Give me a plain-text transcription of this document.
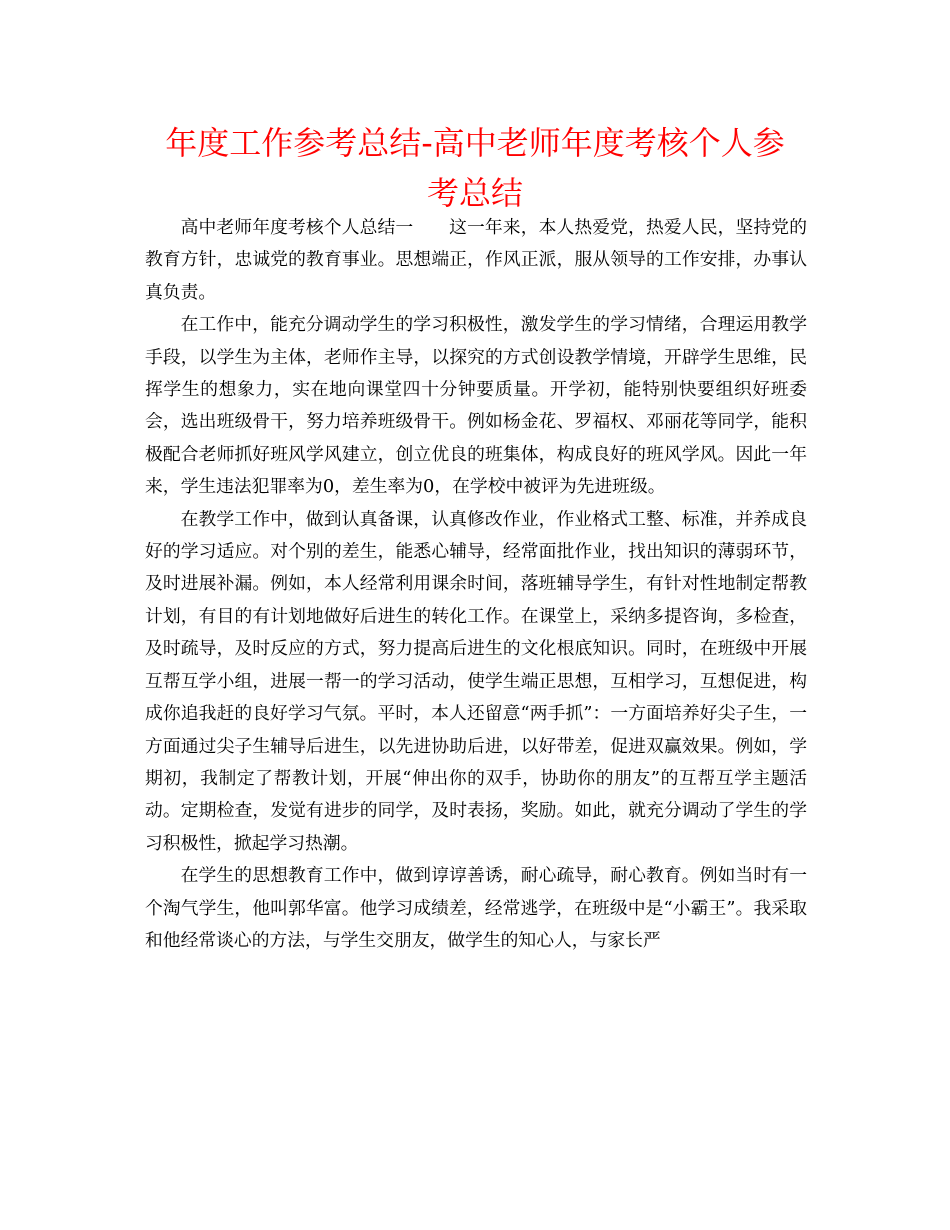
年度工作参考总结-高中老师年度考核个人参考总结

高中老师年度考核个人总结一　　这一年来，本人热爱党，热爱人民，坚持党的教育方针，忠诚党的教育事业。思想端正，作风正派，服从领导的工作安排，办事认真负责。

在工作中，能充分调动学生的学习积极性，激发学生的学习情绪，合理运用教学手段，以学生为主体，老师作主导，以探究的方式创设教学情境，开辟学生思维，民挥学生的想象力，实在地向课堂四十分钟要质量。开学初，能特别快要组织好班委会，选出班级骨干，努力培养班级骨干。例如杨金花、罗福权、邓丽花等同学，能积极配合老师抓好班风学风建立，创立优良的班集体，构成良好的班风学风。因此一年来，学生违法犯罪率为0，差生率为0，在学校中被评为先进班级。

在教学工作中，做到认真备课，认真修改作业，作业格式工整、标准，并养成良好的学习适应。对个别的差生，能悉心辅导，经常面批作业，找出知识的薄弱环节，及时进展补漏。例如，本人经常利用课余时间，落班辅导学生，有针对性地制定帮教计划，有目的有计划地做好后进生的转化工作。在课堂上，采纳多提咨询，多检查，及时疏导，及时反应的方式，努力提高后进生的文化根底知识。同时，在班级中开展互帮互学小组，进展一帮一的学习活动，使学生端正思想，互相学习，互想促进，构成你追我赶的良好学习气氛。平时，本人还留意“两手抓”：一方面培养好尖子生，一方面通过尖子生辅导后进生，以先进协助后进，以好带差，促进双赢效果。例如，学期初，我制定了帮教计划，开展“伸出你的双手，协助你的朋友”的互帮互学主题活动。定期检查，发觉有进步的同学，及时表扬，奖励。如此，就充分调动了学生的学习积极性，掀起学习热潮。

在学生的思想教育工作中，做到谆谆善诱，耐心疏导，耐心教育。例如当时有一个淘气学生，他叫郭华富。他学习成绩差，经常逃学，在班级中是“小霸王”。我采取和他经常谈心的方法，与学生交朋友，做学生的知心人，与家长严
